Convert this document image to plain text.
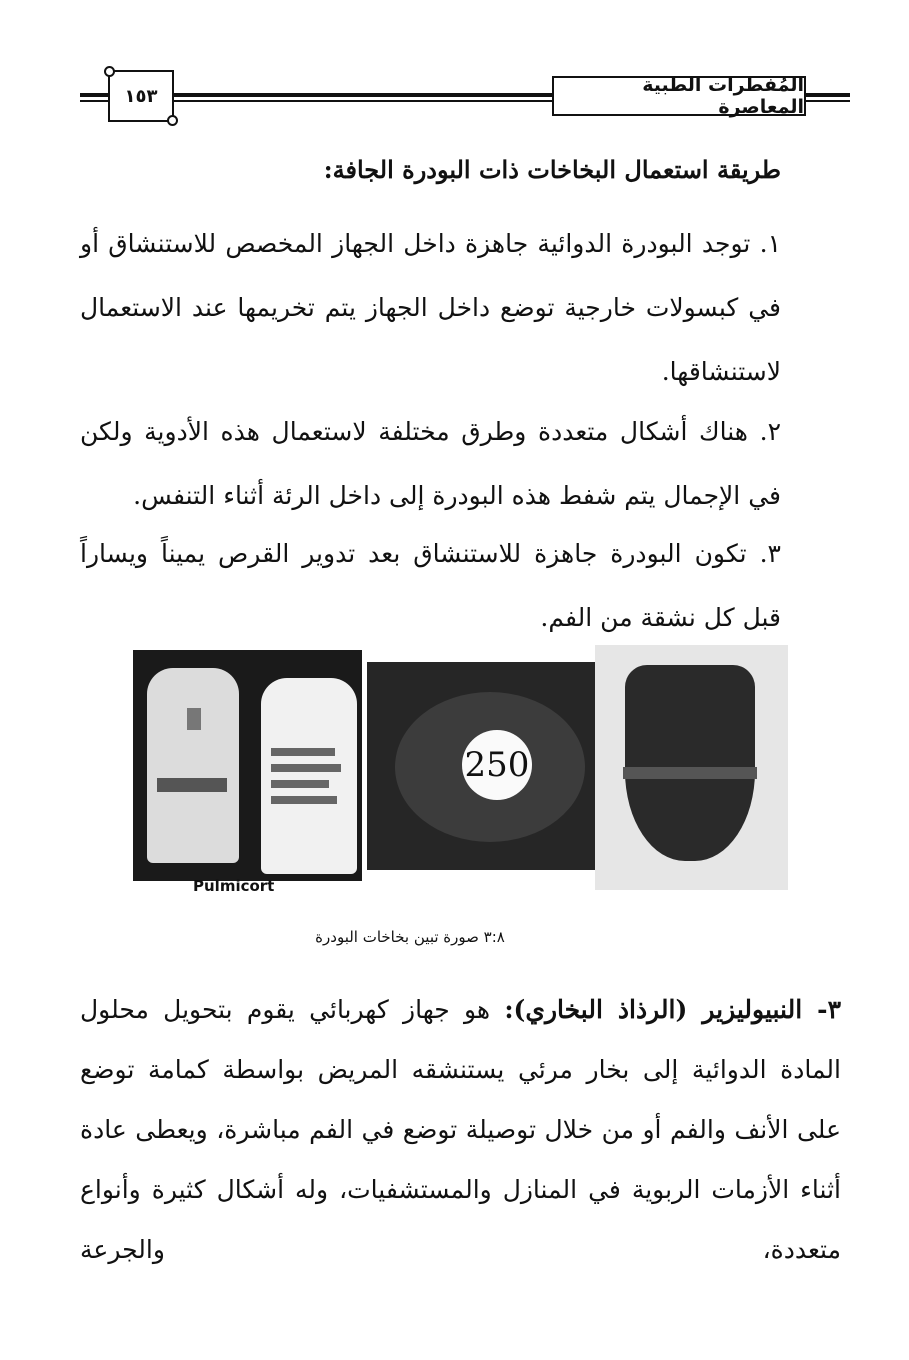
المُفطرات الطبية المعاصرة
١٥٣
طريقة استعمال البخاخات ذات البودرة الجافة:
١. توجد البودرة الدوائية جاهزة داخل الجهاز المخصص للاستنشاق أو في كبسولات خارجية توضع داخل الجهاز يتم تخريمها عند الاستعمال لاستنشاقها.
٢. هناك أشكال متعددة وطرق مختلفة لاستعمال هذه الأدوية ولكن في الإجمال يتم شفط هذه البودرة إلى داخل الرئة أثناء التنفس.
٣. تكون البودرة جاهزة للاستنشاق بعد تدوير القرص يميناً ويساراً قبل كل نشقة من الفم.
250
Pulmicort
٣:٨ صورة تبين بخاخات البودرة
٣- النبيوليزير (الرذاذ البخاري): هو جهاز كهربائي يقوم بتحويل محلول المادة الدوائية إلى بخار مرئي يستنشقه المريض بواسطة كمامة توضع على الأنف والفم أو من خلال توصيلة توضع في الفم مباشرة، ويعطى عادة أثناء الأزمات الربوية في المنازل والمستشفيات، وله أشكال كثيرة وأنواع متعددة، والجرعة
